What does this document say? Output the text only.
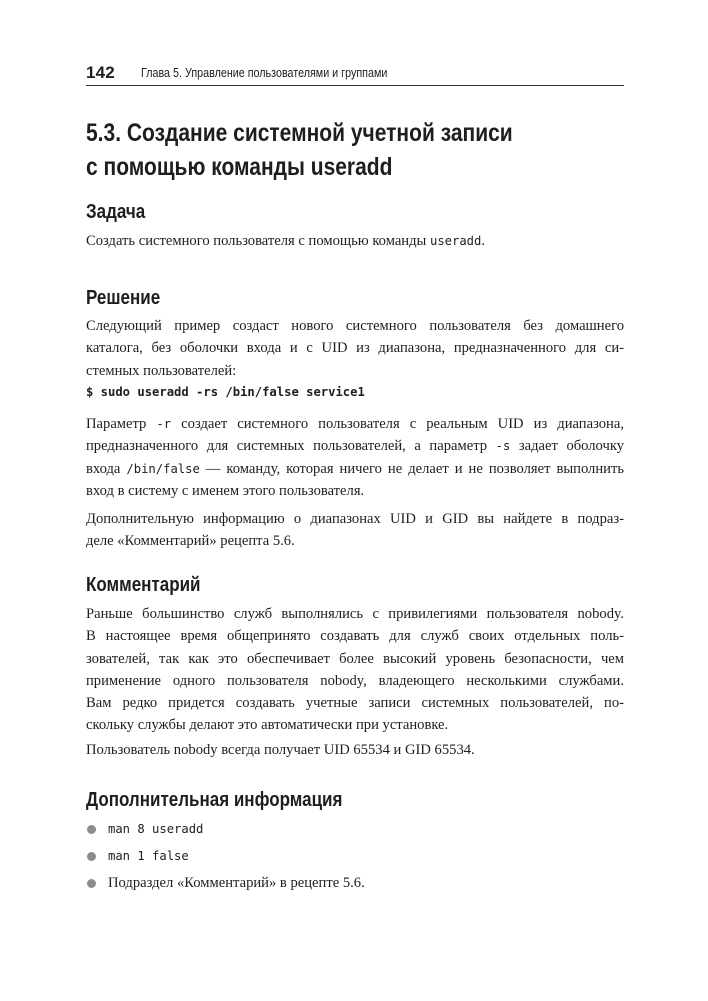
142 Глава 5. Управление пользователями и группами
5.3. Создание системной учетной записи
с помощью команды useradd
Задача

Создать системного пользователя с помощью команды useradd.

Решение

Следующий пример создаст нового системного пользователя без домашнего
каталога, без оболочки входа и с UID из диапазона, предназначенного для си-
стемных пользователей:

$ sudo useradd -rs /bin/false service1

Параметр -r создает системного пользователя с реальным UID из диапазона,
предназначенного для системных пользователей, а параметр -s задает оболочку
входа /bin/false — команду, которая ничего не делает и не позволяет выполнить
вход в систему с именем этого пользователя.

Дополнительную информацию о диапазонах UID и GID вы найдете в подраз-
деле «Комментарий» рецепта 5.6.

Комментарий

Раньше большинство служб выполнялись с привилегиями пользователя nobody.
В настоящее время общепринято создавать для служб своих отдельных поль-
зователей, так как это обеспечивает более высокий уровень безопасности, чем
применение одного пользователя nobody, владеющего несколькими службами.
Вам редко придется создавать учетные записи системных пользователей, по-
скольку службы делают это автоматически при установке.

Пользователь nobody всегда получает UID 65534 и GID 65534.

Дополнительная информация
man 8 useradd
man 1 false
Подраздел «Комментарий» в рецепте 5.6.
